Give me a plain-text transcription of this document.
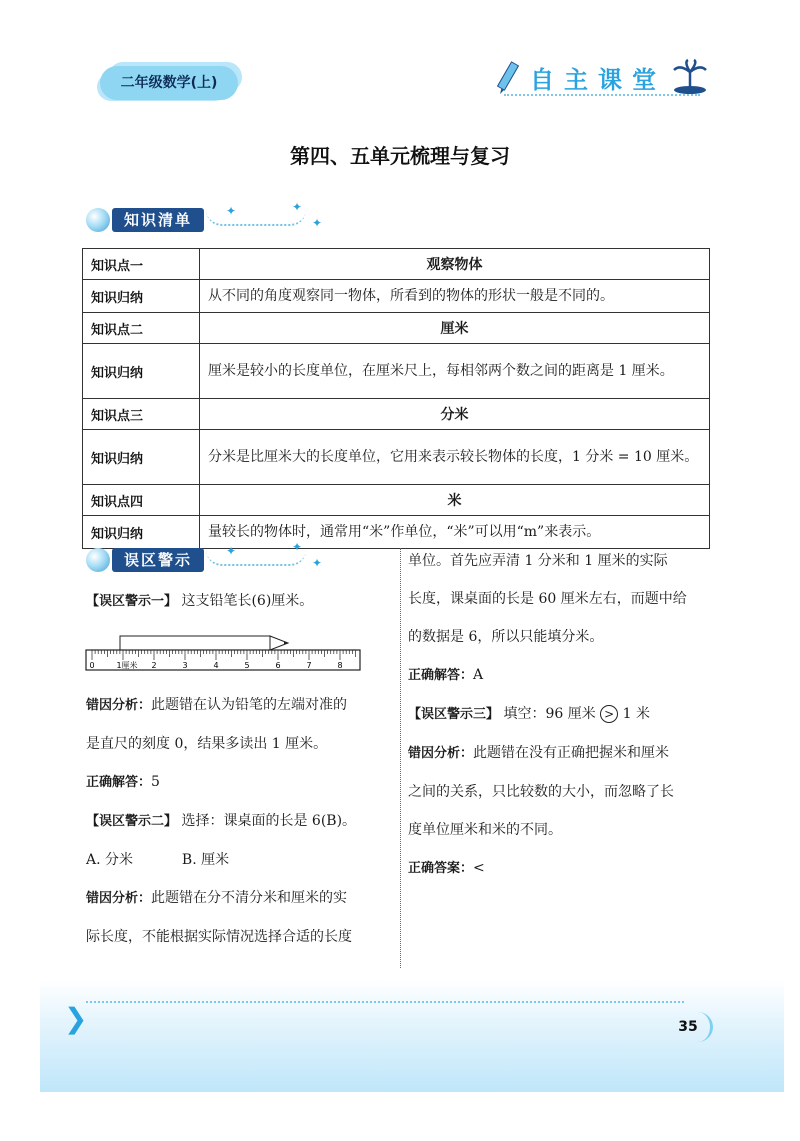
二年级数学(上)	自主课堂
第四、五单元梳理与复习
知识清单	✦	✦
✦
知识点一	观察物体
知识归纳	从不同的角度观察同一物体，所看到的物体的形状一般是不同的。
知识点二	厘米
知识归纳	厘米是较小的长度单位，在厘米尺上，每相邻两个数之间的距离是 1 厘米。
知识点三	分米
知识归纳	分米是比厘米大的长度单位，它用来表示较长物体的长度，1 分米 = 10 厘米。
知识点四	米
知识归纳	量较长的物体时，通常用“米”作单位，“米”可以用“m”来表示。
误区警示	✦	✦
✦

【误区警示一】 这支铅笔长(6)厘米。

0	1厘米 2	3	4	5	6	7	8

错因分析：此题错在认为铅笔的左端对准的

是直尺的刻度 0，结果多读出 1 厘米。

正确解答：5

【误区警示二】 选择：课桌面的长是 6(B)。

A. 分米	B. 厘米

错因分析：此题错在分不清分米和厘米的实

际长度，不能根据实际情况选择合适的长度

单位。首先应弄清 1 分米和 1 厘米的实际

长度，课桌面的长是 60 厘米左右，而题中给

的数据是 6，所以只能填分米。

正确解答：A

【误区警示三】 填空：96 厘米 > 1 米

错因分析：此题错在没有正确把握米和厘米

之间的关系，只比较数的大小，而忽略了长

度单位厘米和米的不同。

正确答案：<

❯	35
